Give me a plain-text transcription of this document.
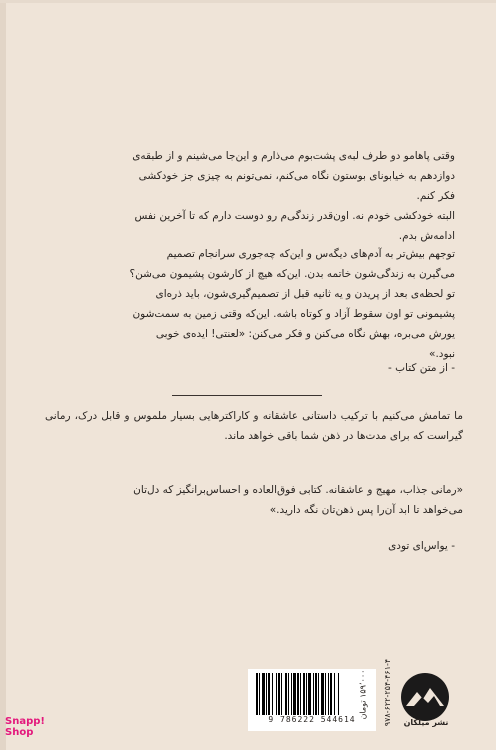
وقتی پاهامو دو طرف لبه‌ی پشت‌بوم می‌ذارم و این‌جا می‌شینم و از طبقه‌ی
دوازدهم به خیابونای بوستون نگاه می‌کنم، نمی‌تونم به چیزی جز خودکشی
فکر کنم.
البته خودکشی خودم نه. اون‌قدر زندگی‌م رو دوست دارم که تا آخرین نفس
ادامه‌ش بدم.
توجهم بیش‌تر به آدم‌های دیگه‌س و این‌که چه‌جوری سرانجام تصمیم
می‌گیرن به زندگی‌شون خاتمه بدن. این‌که هیچ از کارشون پشیمون می‌شن؟
تو لحظه‌ی بعد از پریدن و یه ثانیه قبل از تصمیم‌گیری‌شون، باید ذره‌ای
پشیمونی تو اون سقوط آزاد و کوتاه باشه. این‌که وقتی زمین به سمت‌شون
یورش می‌بره، بهش نگاه می‌کنن و فکر می‌کنن: «لعنتی! ایده‌ی خوبی
نبود.»
- از متن کتاب -
ما تمامش می‌کنیم با ترکیب داستانی عاشقانه و کاراکترهایی بسیار ملموس و قابل درک، رمانی گیراست که برای مدت‌ها در ذهن شما باقی خواهد ماند.
«رمانی جذاب، مهیج و عاشقانه. کتابی فوق‌العاده و احساس‌برانگیز که دل‌تان
می‌خواهد تا ابد آن‌را پس ذهن‌تان نگه دارید.»
- یواس‌ای تودی
9 786222 544614
۱۵۹٬۰۰۰ تومان ۹۷۸-۶۲۲-۲۵۴-۴۶۱-۴ نشر میلکان
Snapp!
Shop
